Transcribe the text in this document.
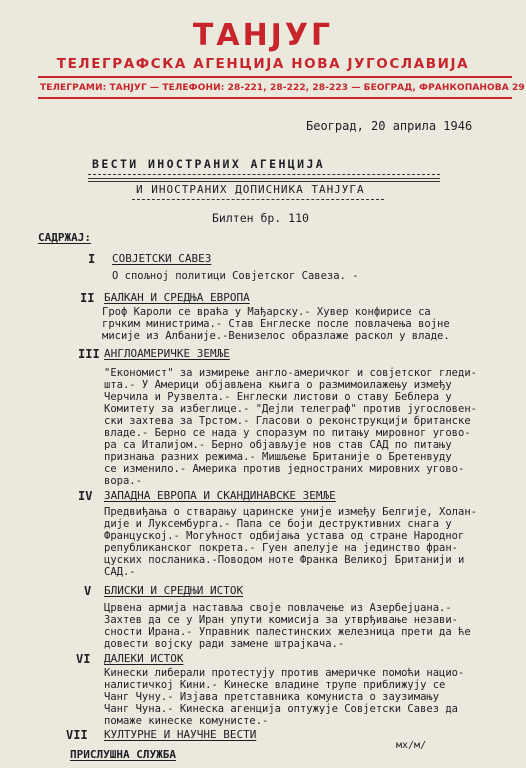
ТАНЈУГ
ТЕЛЕГРАФСКА АГЕНЦИЈА НОВА ЈУГОСЛАВИЈА
ТЕЛЕГРАМИ: ТАНЈУГ — ТЕЛЕФОНИ: 28-221, 28-222, 28-223 — БЕОГРАД, ФРАНКОПАНОВА 29
Београд, 20 априла 1946
ВЕСТИ ИНОСТРАНИХ АГЕНЦИЈА
И ИНОСТРАНИХ ДОПИСНИКА ТАНЈУГА
Билтен бр. 110
САДРЖАЈ:
I СОВЈЕТСКИ САВЕЗ
О спољној политици Совјетског Савеза. -
II БАЛКАН И СРЕДЊА ЕВРОПА
Гроф Кароли се враћа у Мађарску.- Хувер конфирисе са
грчким министрима.- Став Енглеске после повлачења војне
мисије из Албаније.-Венизелос образлаже раскол у владе.
III АНГЛОАМЕРИЧКЕ ЗЕМЉЕ
"Економист" за измирење англо-америчког и совјетског гледи-
шта.- У Америци објављена књига о размимоилажењу између
Черчила и Рузвелта.- Енглески листови о ставу Беблера у
Комитету за избеглице.- "Дејли телеграф" против југословен-
ски захтева за Трстом.- Гласови о реконструкцији британске
владе.- Берно се нада у споразум по питању мировног угово-
ра са Италијом.- Берно објављује нов став САД по питању
признања разних режима.- Мишљење Британије о Бретенвуду
се изменило.- Америка против једностраних мировних угово-
вора.-
IV ЗАПАДНА ЕВРОПА И СКАНДИНАВСКЕ ЗЕМЉЕ
Предвиђања о стварању царинске уније између Белгије, Холан-
дије и Луксембурга.- Папа се боји деструктивних снага у
Француској.- Могућност одбијања устава од стране Народног
републиканског покрета.- Гуен апелује на јединство фран-
цуских посланика.-Поводом ноте Франка Великој Британији и
САД.-
V БЛИСКИ И СРЕДЊИ ИСТОК
Црвена армија наставља своје повлачење из Азербејџана.-
Захтев да се у Иран упути комисија за утврђивање незави-
сности Ирана.- Управник палестинских железница прети да ће
довести војску ради замене штрајкача.-
VI ДАЛЕКИ ИСТОК
Кинески либерали протестују против америчке помоћи нацио-
налистичкој Кини.- Кинеске владине трупе приближују се
Чанг Чуну.- Изјава претставника комуниста о заузимању
Чанг Чуна.- Кинеска агенција оптужује Совјетски Савез да
помаже кинеске комунисте.-
VII КУЛТУРНЕ И НАУЧНЕ ВЕСТИ
ПРИСЛУШНА СЛУЖБА
мх/м/
